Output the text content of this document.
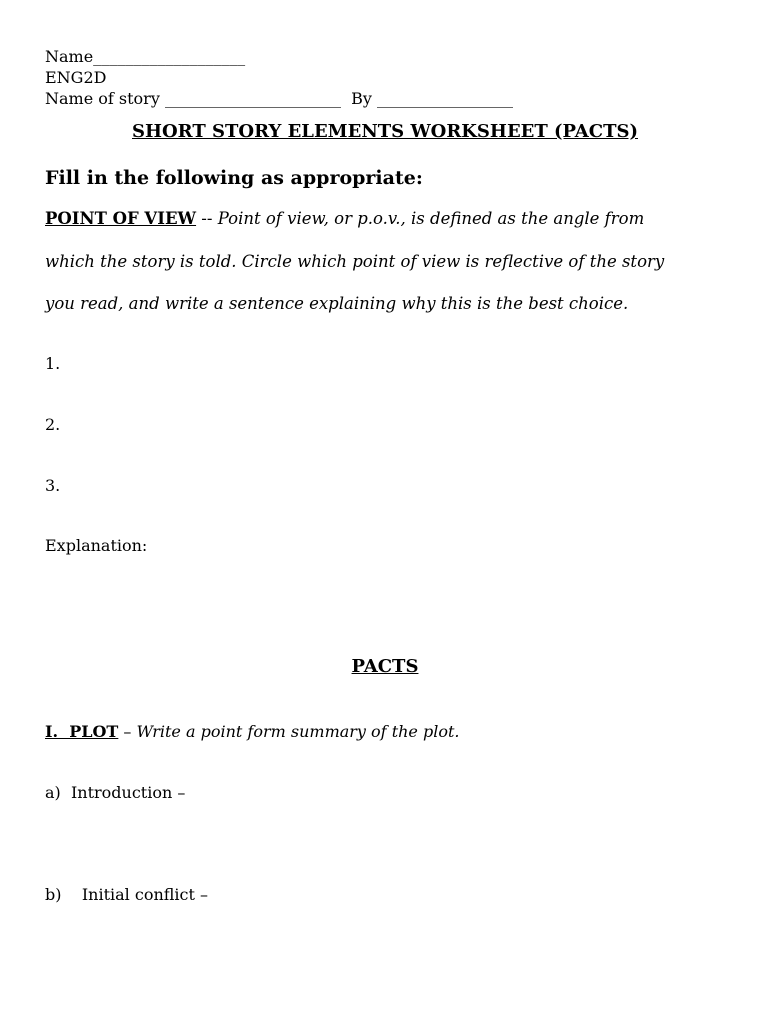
Name___________________
ENG2D
Name of story ______________________ By _________________
SHORT STORY ELEMENTS WORKSHEET (PACTS)
Fill in the following as appropriate:
POINT OF VIEW -- Point of view, or p.o.v., is defined as the angle from
which the story is told. Circle which point of view is reflective of the story
you read, and write a sentence explaining why this is the best choice.
1.
2.
3.
Explanation:
PACTS
I.  PLOT – Write a point form summary of the plot.
a)  Introduction –
b)    Initial conflict –
